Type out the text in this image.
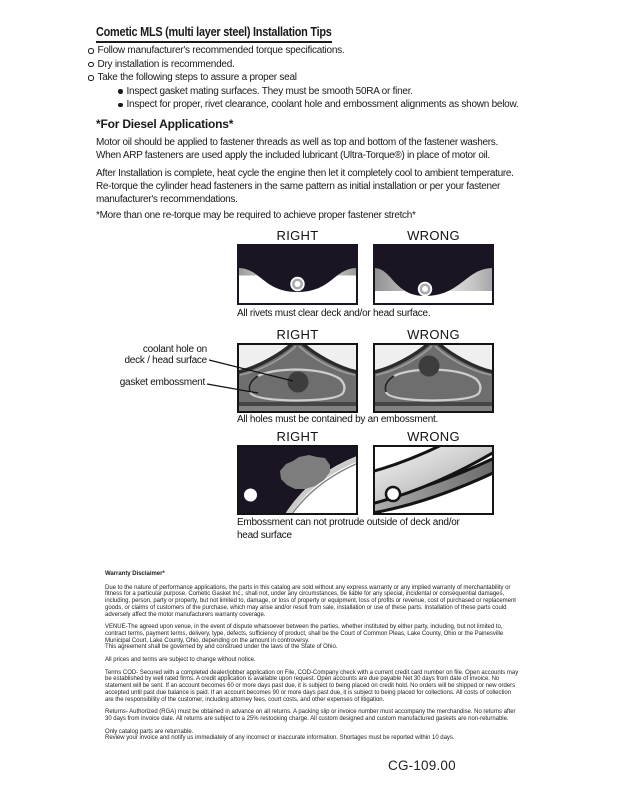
Cometic MLS (multi layer steel) Installation Tips
Follow manufacturer's recommended torque specifications.
Dry installation is recommended.
Take the following steps to assure a proper seal
Inspect gasket mating surfaces. They must be smooth 50RA or finer.
Inspect for proper, rivet clearance, coolant hole and embossment alignments as shown below.
*For Diesel Applications*
Motor oil should be applied to fastener threads as well as top and bottom of the fastener washers. When ARP fasteners are used apply the included lubricant (Ultra-Torque®) in place of motor oil.
After Installation is complete, heat cycle the engine then let it completely cool to ambient temperature. Re-torque the cylinder head fasteners in the same pattern as initial installation or per your fastener manufacturer's recommendations.
*More than one re-torque may be required to achieve proper fastener stretch*
RIGHT	WRONG
All rivets must clear deck and/or head surface.
coolant hole on
deck / head surface
gasket embossment
RIGHT	WRONG
All holes must be contained by an embossment.
RIGHT	WRONG
Embossment can not protrude outside of deck and/or head surface
Warranty Disclaimer*

Due to the nature of performance applications, the parts in this catalog are sold without any express warranty or any implied warranty of merchantability or fitness for a particular purpose. Cometic Gasket Inc., shall not, under any circumstances, be liable for any special, incidental or consequential damages, including, person, party or property, but not limited to, damage, or loss of property or equipment, loss of profits or revenue, cost of purchased or replacement goods, or claims of customers of the purchase, which may arise and/or result from sale, installation or use of these parts. Installation of these parts could adversely affect the motor manufacturers warranty coverage.

VENUE-The agreed upon venue, in the event of dispute whatsoever between the parties, whether instituted by either party, including, but not limited to, contract terms, payment terms, delivery, type, defects, sufficiency of product, shall be the Court of Common Pleas, Lake County, Ohio or the Painesville Municipal Court, Lake County, Ohio, depending on the amount in controversy.

This agreement shall be governed by and construed under the laws of the State of Ohio.

All prices and terms are subject to change without notice.

Terms COD- Secured with a completed dealer/jobber application on File, COD-Company check with a current credit card number on file. Open accounts may be established by well rated firms. A credit application is available upon request. Open accounts are due payable Net 30 days from date of invoice. No statement will be sent. If an account becomes 60 or more days past due, it is subject to being placed on credit hold. No orders will be shipped or new orders accepted until past due balance is paid. If an account becomes 90 or more days past due, it is subject to being placed for collections. All costs of collection are the responsibility of the customer, including attorney fees, court costs, and other expenses of litigation.

Returns- Authorized (RGA) must be obtained in advance on all returns. A packing slip or invoice number must accompany the merchandise. No returns after 30 days from invoice date. All returns are subject to a 25% restocking charge. All custom designed and custom manufactured gaskets are non-returnable.

Only catalog parts are returnable.

Review your invoice and notify us immediately of any incorrect or inaccurate information. Shortages must be reported within 10 days.

CG-109.00
